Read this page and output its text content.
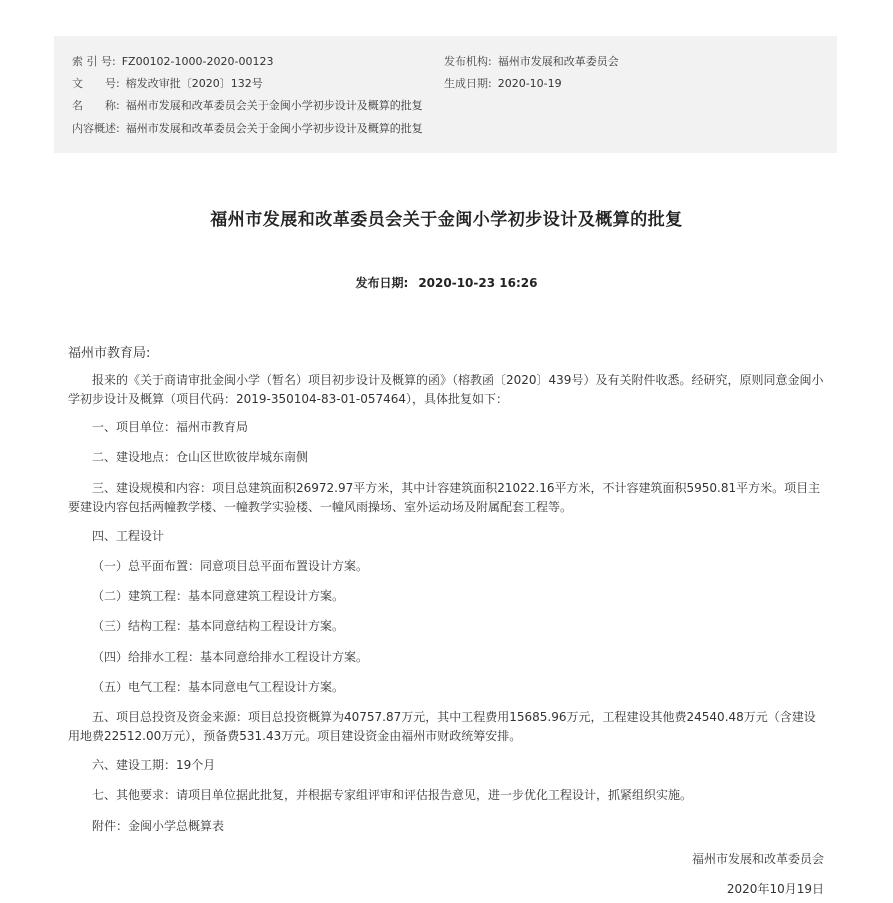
索 引 号: FZ00102-1000-2020-00123	发布机构: 福州市发展和改革委员会
文　　号: 榕发改审批〔2020〕132号	生成日期: 2020-10-19
名　　称: 福州市发展和改革委员会关于金闽小学初步设计及概算的批复
内容概述: 福州市发展和改革委员会关于金闽小学初步设计及概算的批复
福州市发展和改革委员会关于金闽小学初步设计及概算的批复
发布日期: 2020-10-23 16:26
福州市教育局:
报来的《关于商请审批金闽小学（暂名）项目初步设计及概算的函》（榕教函〔2020〕439号）及有关附件收悉。经研究，原则同意金闽小学初步设计及概算（项目代码：2019-350104-83-01-057464），具体批复如下：
一、项目单位：福州市教育局
二、建设地点：仓山区世欧彼岸城东南侧
三、建设规模和内容：项目总建筑面积26972.97平方米，其中计容建筑面积21022.16平方米，不计容建筑面积5950.81平方米。项目主要建设内容包括两幢教学楼、一幢教学实验楼、一幢风雨操场、室外运动场及附属配套工程等。
四、工程设计
（一）总平面布置：同意项目总平面布置设计方案。
（二）建筑工程：基本同意建筑工程设计方案。
（三）结构工程：基本同意结构工程设计方案。
（四）给排水工程：基本同意给排水工程设计方案。
（五）电气工程：基本同意电气工程设计方案。
五、项目总投资及资金来源：项目总投资概算为40757.87万元，其中工程费用15685.96万元，工程建设其他费24540.48万元（含建设用地费22512.00万元），预备费531.43万元。项目建设资金由福州市财政统筹安排。
六、建设工期：19个月
七、其他要求：请项目单位据此批复，并根据专家组评审和评估报告意见，进一步优化工程设计，抓紧组织实施。
附件：金闽小学总概算表
福州市发展和改革委员会
2020年10月19日
